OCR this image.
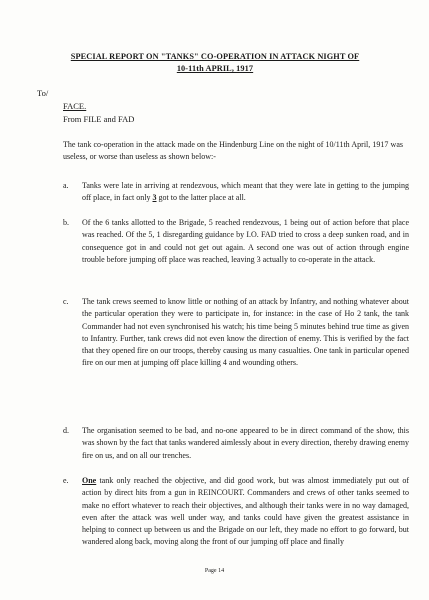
SPECIAL REPORT ON "TANKS" CO-OPERATION IN ATTACK NIGHT OF
10-11th APRIL, 1917
To/
FACE.
From FILE and FAD
The tank co-operation in the attack made on the Hindenburg Line on the night of 10/11th April, 1917 was useless, or worse than useless as shown below:-
a. Tanks were late in arriving at rendezvous, which meant that they were late in getting to the jumping off place, in fact only 3 got to the latter place at all.
b. Of the 6 tanks allotted to the Brigade, 5 reached rendezvous, 1 being out of action before that place was reached. Of the 5, 1 disregarding guidance by I.O. FAD tried to cross a deep sunken road, and in consequence got in and could not get out again. A second one was out of action through engine trouble before jumping off place was reached, leaving 3 actually to co-operate in the attack.
c. The tank crews seemed to know little or nothing of an attack by Infantry, and nothing whatever about the particular operation they were to participate in, for instance: in the case of Ho 2 tank, the tank Commander had not even synchronised his watch; his time being 5 minutes behind true time as given to Infantry. Further, tank crews did not even know the direction of enemy. This is verified by the fact that they opened fire on our troops, thereby causing us many casualties. One tank in particular opened fire on our men at jumping off place killing 4 and wounding others.
d. The organisation seemed to be bad, and no-one appeared to be in direct command of the show, this was shown by the fact that tanks wandered aimlessly about in every direction, thereby drawing enemy fire on us, and on all our trenches.
e. One tank only reached the objective, and did good work, but was almost immediately put out of action by direct hits from a gun in REINCOURT. Commanders and crews of other tanks seemed to make no effort whatever to reach their objectives, and although their tanks were in no way damaged, even after the attack was well under way, and tanks could have given the greatest assistance in helping to connect up between us and the Brigade on our left, they made no effort to go forward, but wandered along back, moving along the front of our jumping off place and finally
Page 14
